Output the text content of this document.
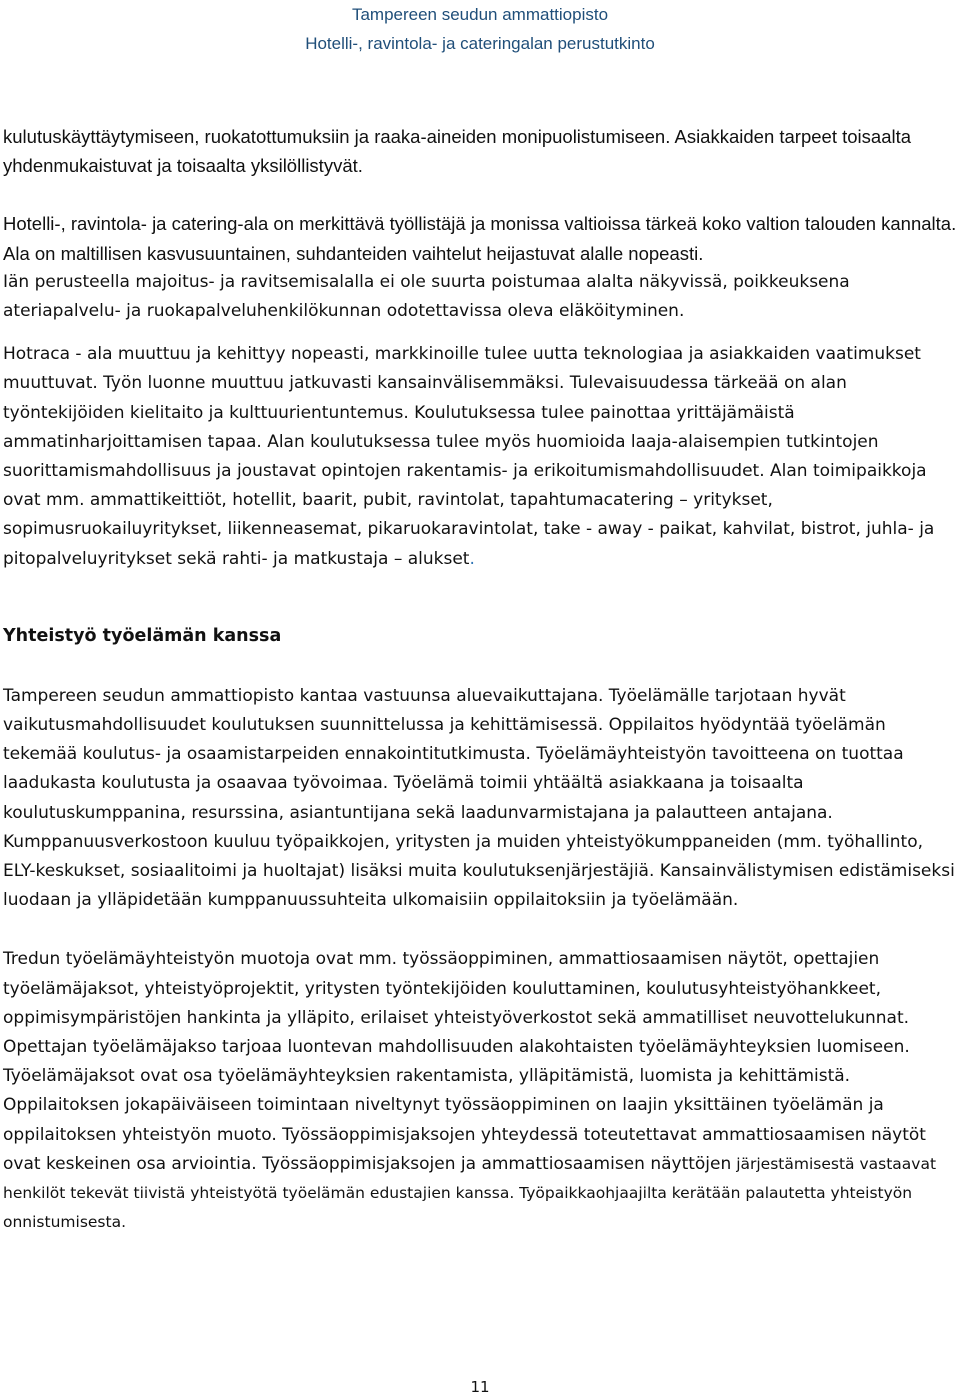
Tampereen seudun ammattiopisto
Hotelli-, ravintola- ja cateringalan perustutkinto

kulutuskäyttäytymiseen, ruokatottumuksiin ja raaka-aineiden monipuolistumiseen. Asiakkaiden tarpeet toisaalta yhdenmukaistuvat ja toisaalta yksilöllistyvät.

Hotelli-, ravintola- ja catering-ala on merkittävä työllistäjä ja monissa valtioissa tärkeä koko valtion talouden kannalta. Ala on maltillisen kasvusuuntainen, suhdanteiden vaihtelut heijastuvat alalle nopeasti.

Iän perusteella majoitus- ja ravitsemisalalla ei ole suurta poistumaa alalta näkyvissä, poikkeuksena ateriapalvelu- ja ruokapalveluhenkilökunnan odotettavissa oleva eläköityminen.

Hotraca - ala muuttuu ja kehittyy nopeasti, markkinoille tulee uutta teknologiaa ja asiakkaiden vaatimukset muuttuvat. Työn luonne muuttuu jatkuvasti kansainvälisemmäksi. Tulevaisuudessa tärkeää on alan työntekijöiden kielitaito ja kulttuurientuntemus. Koulutuksessa tulee painottaa yrittäjämäistä ammatinharjoittamisen tapaa. Alan koulutuksessa tulee myös huomioida laaja-alaisempien tutkintojen suorittamismahdollisuus ja joustavat opintojen rakentamis- ja erikoitumismahdollisuudet. Alan toimipaikkoja ovat mm. ammattikeittiöt, hotellit, baarit, pubit, ravintolat, tapahtumacatering – yritykset, sopimusruokailuyritykset, liikenneasemat, pikaruokaravintolat, take - away - paikat, kahvilat, bistrot, juhla- ja pitopalveluyritykset sekä rahti- ja matkustaja – alukset.

Yhteistyö työelämän kanssa

Tampereen seudun ammattiopisto kantaa vastuunsa aluevaikuttajana. Työelämälle tarjotaan hyvät vaikutusmahdollisuudet koulutuksen suunnittelussa ja kehittämisessä. Oppilaitos hyödyntää työelämän tekemää koulutus- ja osaamistarpeiden ennakointitutkimusta. Työelämäyhteistyön tavoitteena on tuottaa laadukasta koulutusta ja osaavaa työvoimaa. Työelämä toimii yhtäältä asiakkaana ja toisaalta koulutuskumppanina, resurssina, asiantuntijana sekä laadunvarmistajana ja palautteen antajana. Kumppanuusverkostoon kuuluu työpaikkojen, yritysten ja muiden yhteistyökumppaneiden (mm. työhallinto, ELY-keskukset, sosiaalitoimi ja huoltajat) lisäksi muita koulutuksenjärjestäjiä. Kansainvälistymisen edistämiseksi luodaan ja ylläpidetään kumppanuussuhteita ulkomaisiin oppilaitoksiin ja työelämään.

Tredun työelämäyhteistyön muotoja ovat mm. työssäoppiminen, ammattiosaamisen näytöt, opettajien työelämäjaksot, yhteistyöprojektit, yritysten työntekijöiden kouluttaminen, koulutusyhteistyöhankkeet, oppimisympäristöjen hankinta ja ylläpito, erilaiset yhteistyöverkostot sekä ammatilliset neuvottelukunnat. Opettajan työelämäjakso tarjoaa luontevan mahdollisuuden alakohtaisten työelämäyhteyksien luomiseen. Työelämäjaksot ovat osa työelämäyhteyksien rakentamista, ylläpitämistä, luomista ja kehittämistä. Oppilaitoksen jokapäiväiseen toimintaan niveltynyt työssäoppiminen on laajin yksittäinen työelämän ja oppilaitoksen yhteistyön muoto. Työssäoppimisjaksojen yhteydessä toteutettavat ammattiosaamisen näytöt ovat keskeinen osa arviointia. Työssäoppimisjaksojen ja ammattiosaamisen näyttöjen järjestämisestä vastaavat henkilöt tekevät tiivistä yhteistyötä työelämän edustajien kanssa. Työpaikkaohjaajilta kerätään palautetta yhteistyön onnistumisesta.

11
